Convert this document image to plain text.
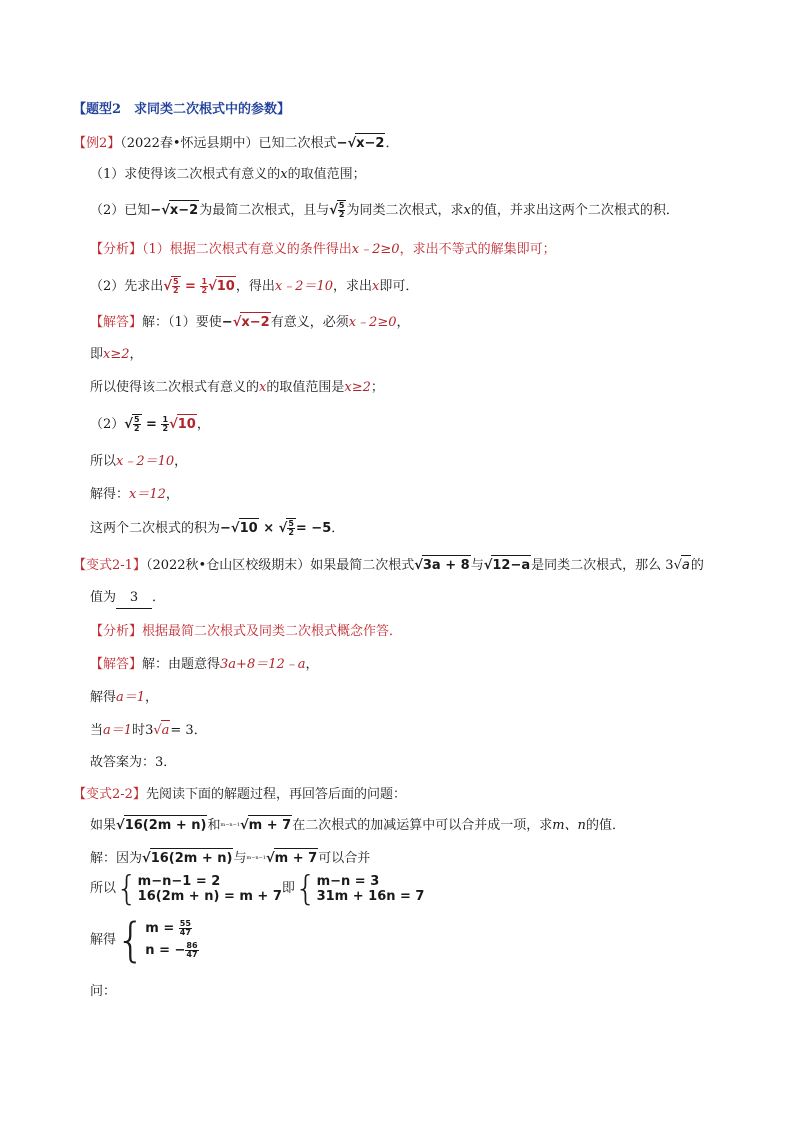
【题型2　求同类二次根式中的参数】
【例2】（2022春•怀远县期中）已知二次根式−√x−2．
（1）求使得该二次根式有意义的x的取值范围；
（2）已知−√x−2为最简二次根式，且与√ $\frac{5}{2}$ 为同类二次根式，求x的值，并求出这两个二次根式的积．
【分析】（1）根据二次根式有意义的条件得出x﹣2≥0，求出不等式的解集即可；
（2）先求出√ $\frac{5}{2} = \frac{1}{2} √10$，得出x﹣2＝10，求出x即可．
【解答】解：（1）要使−√x−2有意义，必须x﹣2≥0，
即x≥2，
所以使得该二次根式有意义的x的取值范围是x≥2；
$(2)√ \frac{5}{2} = \frac{1}{2} √10$，
所以x﹣2＝10，
解得：x＝12，
这两个二次根式的积为−√10 × √ $\frac{5}{2} = -5$．
【变式2-1】（2022秋•仓山区校级期末）如果最简二次根式√3a + 8与√12−a是同类二次根式，那么 3√a的
值为 3 ．
【分析】根据最简二次根式及同类二次根式概念作答．
【解答】解：由题意得3a+8＝12﹣a，
解得a＝1，
当a＝1时3√a= 3．
故答案为：3．
【变式2-2】先阅读下面的解题过程，再回答后面的问题：
如果√16(2m + n)和$^{m-n-1}$√m + 7在二次根式的加减运算中可以合并成一项，求m、n的值．
解：因为√16(2m + n)与$^{m-n-1}$√m + 7可以合并
所以{ m−n−1 = 2
16(2m + n) = m + 7 即{ m−n = 3
31m + 16n = 7
解得{ $m = \frac{55}{47}$
n = − $\frac{86}{47}$
问：
